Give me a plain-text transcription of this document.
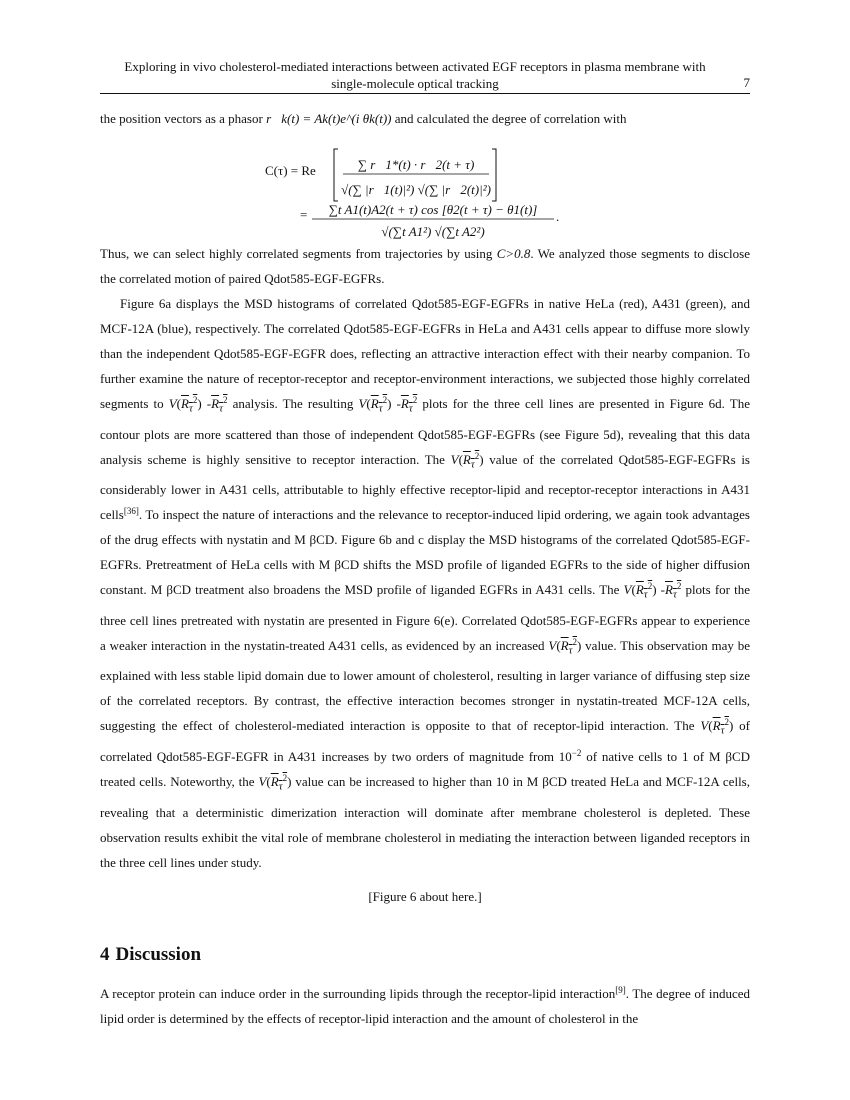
Exploring in vivo cholesterol-mediated interactions between activated EGF receptors in plasma membrane with
single-molecule optical tracking	7

the position vectors as a phasor r⃗k(t) = Ak(t)e^(i θk(t)) and calculated the degree of correlation with

C(τ) = Re	∑ r⃗1*(t) · r⃗2(t + τ)
√(∑ |r⃗1(t)|²) √(∑ |r⃗2(t)|²)
= ∑t A1(t)A2(t + τ) cos [θ2(t + τ) − θ1(t)]
√(∑t A1²) √(∑t A2²)
.

Thus, we can select highly correlated segments from trajectories by using C>0.8. We analyzed those segments to disclose the correlated motion of paired Qdot585-EGF-EGFRs.

Figure 6a displays the MSD histograms of correlated Qdot585-EGF-EGFRs in native HeLa (red), A431 (green), and MCF-12A (blue), respectively. The correlated Qdot585-EGF-EGFRs in HeLa and A431 cells appear to diffuse more slowly than the independent Qdot585-EGF-EGFR does, reflecting an attractive interaction effect with their nearby companion. To further examine the nature of receptor-receptor and receptor-environment interactions, we subjected those highly correlated segments to $V(R_\tau^2)$ $-R_\tau^2$ analysis. The resulting $V(R_\tau^2)$ $-R_\tau^2$ plots for the three cell lines are presented in Figure 6d. The contour plots are more scattered than those of independent Qdot585-EGF-EGFRs (see Figure 5d), revealing that this data analysis scheme is highly sensitive to receptor interaction. The $V(R_\tau^2)$ value of the correlated Qdot585-EGF-EGFRs is considerably lower in A431 cells, attributable to highly effective receptor-lipid and receptor-receptor interactions in A431 cells[36]. To inspect the nature of interactions and the relevance to receptor-induced lipid ordering, we again took advantages of the drug effects with nystatin and M βCD. Figure 6b and c display the MSD histograms of the correlated Qdot585-EGF-EGFRs. Pretreatment of HeLa cells with M βCD shifts the MSD profile of liganded EGFRs to the side of higher diffusion constant. M βCD treatment also broadens the MSD profile of liganded EGFRs in A431 cells. The $V(R_\tau^2)$ $-R_\tau^2$ plots for the three cell lines pretreated with nystatin are presented in Figure 6(e). Correlated Qdot585-EGF-EGFRs appear to experience a weaker interaction in the nystatin-treated A431 cells, as evidenced by an increased $V(R_\tau^2)$ value. This observation may be explained with less stable lipid domain due to lower amount of cholesterol, resulting in larger variance of diffusing step size of the correlated receptors. By contrast, the effective interaction becomes stronger in nystatin-treated MCF-12A cells, suggesting the effect of cholesterol-mediated interaction is opposite to that of receptor-lipid interaction. The $V(R_\tau^2)$ of correlated Qdot585-EGF-EGFR in A431 increases by two orders of magnitude from $10^{-2}$ of native cells to 1 of M βCD treated cells. Noteworthy, the $V(R_\tau^2)$ value can be increased to higher than 10 in M βCD treated HeLa and MCF-12A cells, revealing that a deterministic dimerization interaction will dominate after membrane cholesterol is depleted. These observation results exhibit the vital role of membrane cholesterol in mediating the interaction between liganded receptors in the three cell lines under study.

[Figure 6 about here.]
4 Discussion

A receptor protein can induce order in the surrounding lipids through the receptor-lipid interaction[9]. The degree of induced lipid order is determined by the effects of receptor-lipid interaction and the amount of cholesterol in the
